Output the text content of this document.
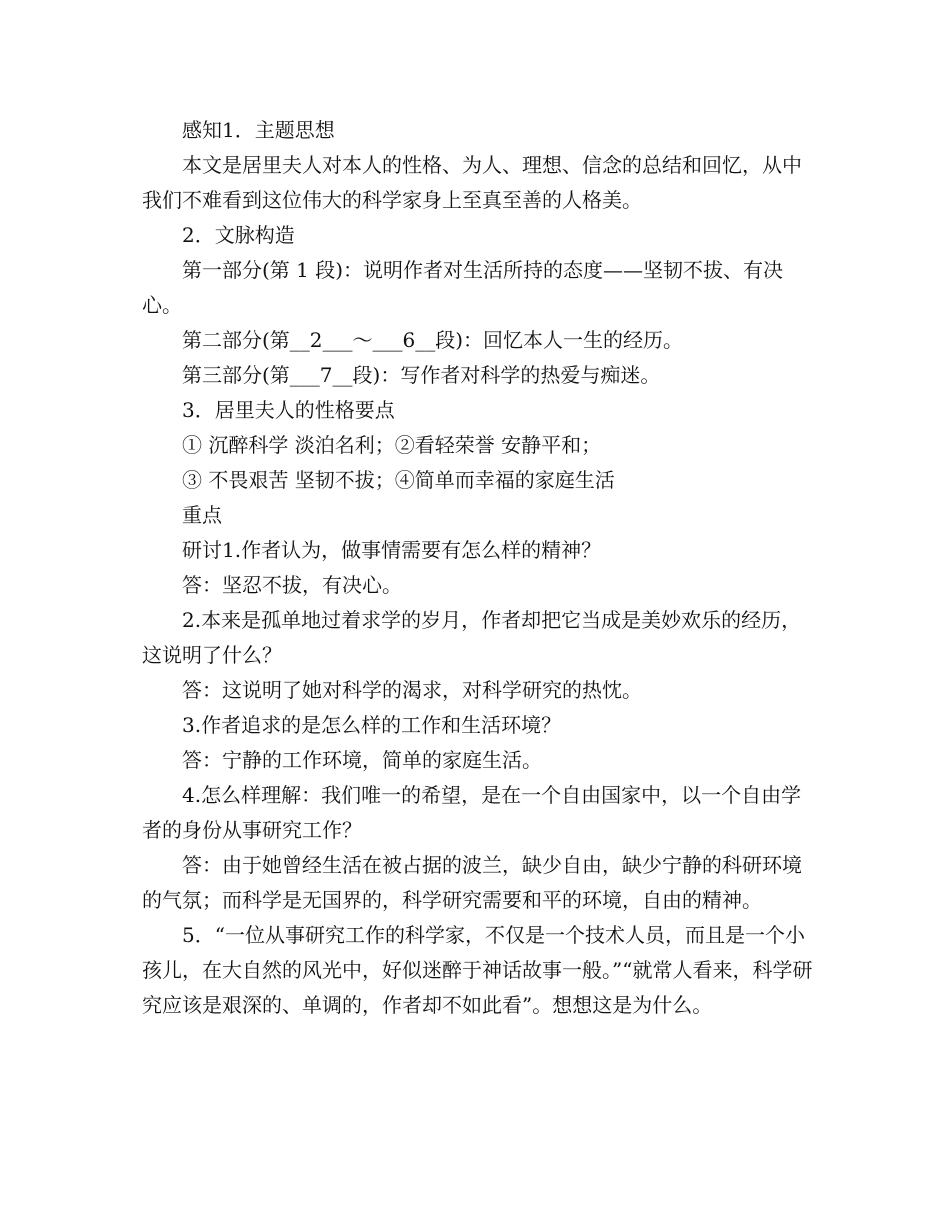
感知1．主题思想

本文是居里夫人对本人的性格、为人、理想、信念的总结和回忆，从中我们不难看到这位伟大的科学家身上至真至善的人格美。

2．文脉构造

第一部分(第 1 段)：说明作者对生活所持的态度——坚韧不拔、有决心。

第二部分(第__2___～___6__段)：回忆本人一生的经历。

第三部分(第___7__段)：写作者对科学的热爱与痴迷。

3．居里夫人的性格要点

① 沉醉科学 淡泊名利；②看轻荣誉 安静平和；

③ 不畏艰苦 坚韧不拔；④简单而幸福的家庭生活

重点

研讨1.作者认为，做事情需要有怎么样的精神？

答：坚忍不拔，有决心。

2.本来是孤单地过着求学的岁月，作者却把它当成是美妙欢乐的经历，这说明了什么？

答：这说明了她对科学的渴求，对科学研究的热忱。

3.作者追求的是怎么样的工作和生活环境？

答：宁静的工作环境，简单的家庭生活。

4.怎么样理解：我们唯一的希望，是在一个自由国家中，以一个自由学者的身份从事研究工作？

答：由于她曾经生活在被占据的波兰，缺少自由，缺少宁静的科研环境的气氛；而科学是无国界的，科学研究需要和平的环境，自由的精神。

5．“一位从事研究工作的科学家，不仅是一个技术人员，而且是一个小孩儿，在大自然的风光中，好似迷醉于神话故事一般。”“就常人看来，科学研究应该是艰深的、单调的，作者却不如此看”。想想这是为什么。
